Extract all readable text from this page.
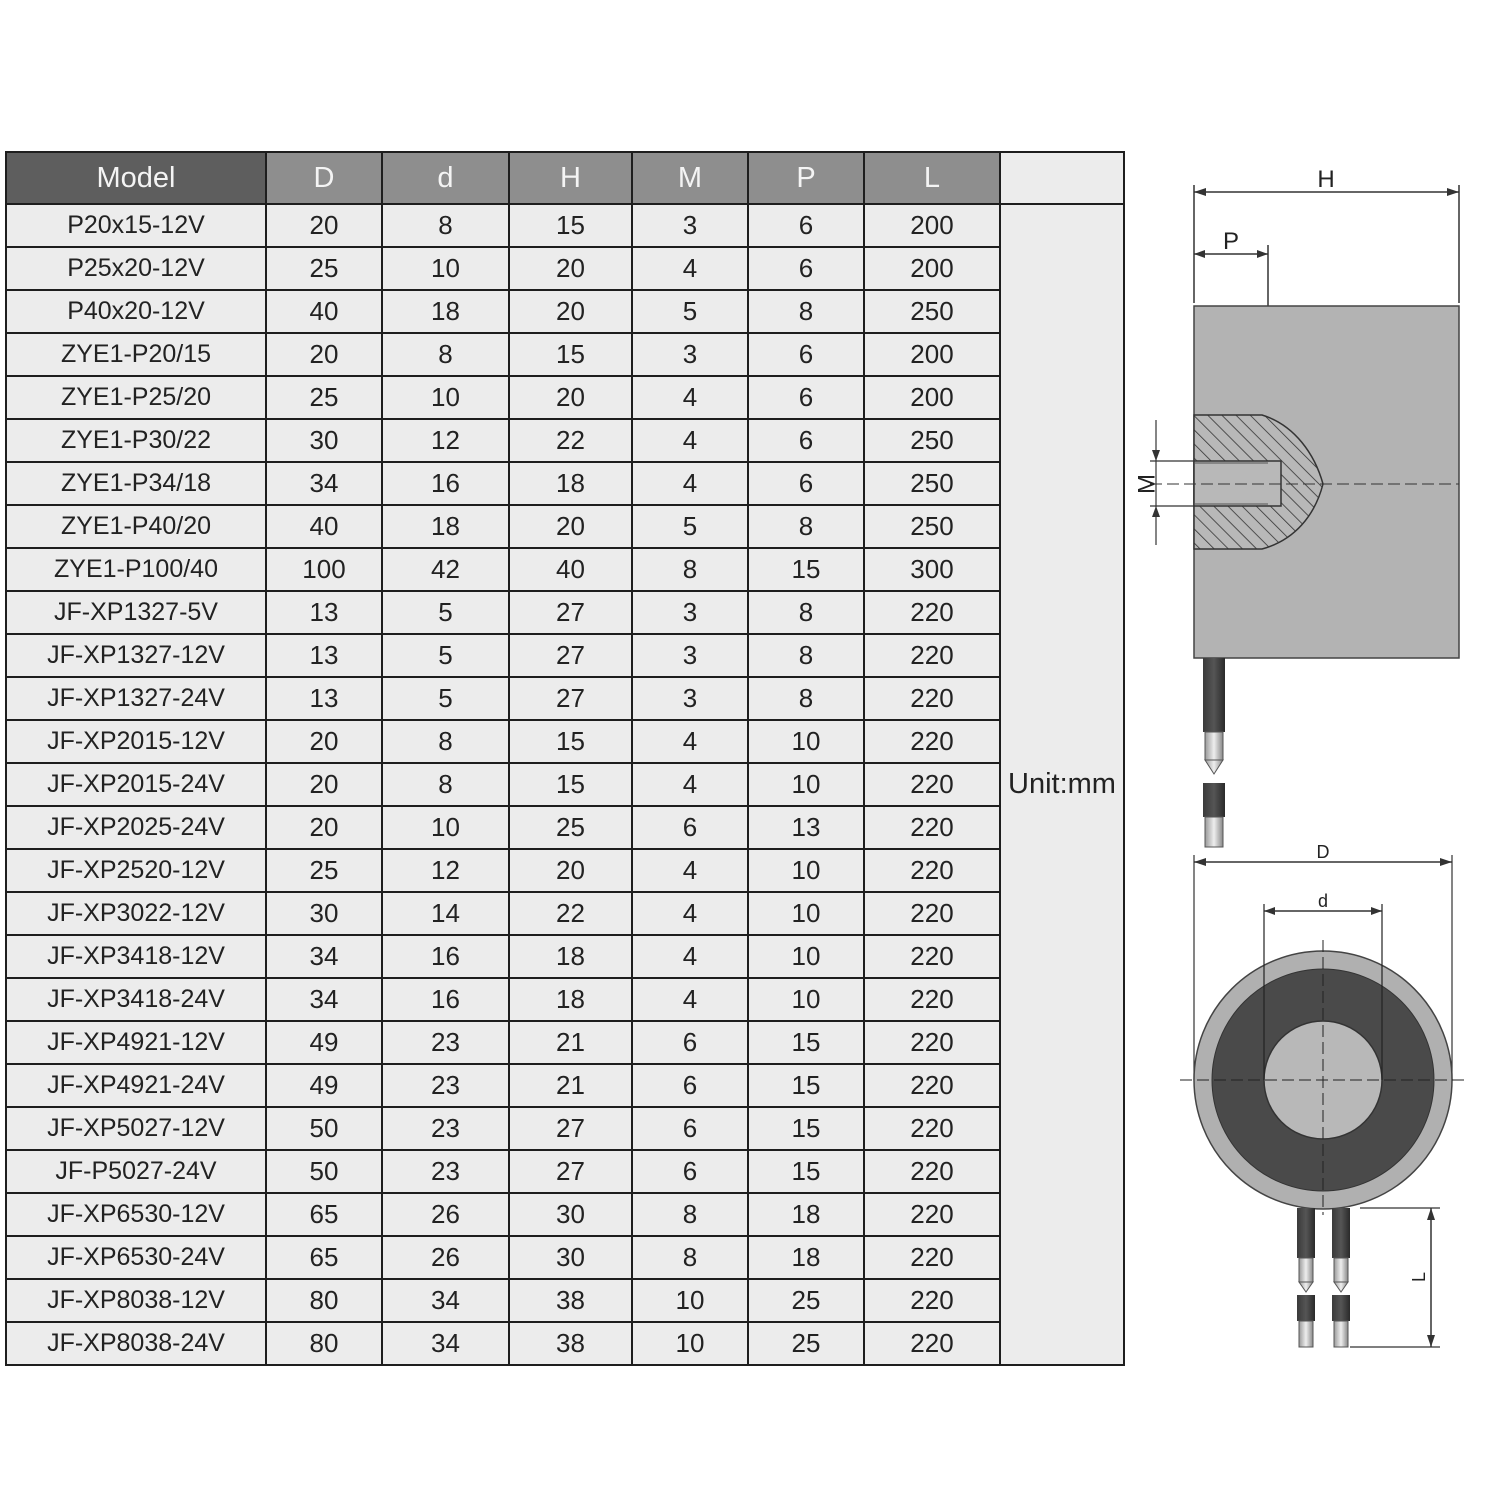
Model	D	d	H	M	P	L	
P20x15-12V	20	8	15	3	6	200	Unit:mm
P25x20-12V	25	10	20	4	6	200	
P40x20-12V	40	18	20	5	8	250	
ZYE1-P20/15	20	8	15	3	6	200	
ZYE1-P25/20	25	10	20	4	6	200	
ZYE1-P30/22	30	12	22	4	6	250	
ZYE1-P34/18	34	16	18	4	6	250	
ZYE1-P40/20	40	18	20	5	8	250	
ZYE1-P100/40	100	42	40	8	15	300	
JF-XP1327-5V	13	5	27	3	8	220	
JF-XP1327-12V	13	5	27	3	8	220	
JF-XP1327-24V	13	5	27	3	8	220	
JF-XP2015-12V	20	8	15	4	10	220	
JF-XP2015-24V	20	8	15	4	10	220	
JF-XP2025-24V	20	10	25	6	13	220	
JF-XP2520-12V	25	12	20	4	10	220	
JF-XP3022-12V	30	14	22	4	10	220	
JF-XP3418-12V	34	16	18	4	10	220	
JF-XP3418-24V	34	16	18	4	10	220	
JF-XP4921-12V	49	23	21	6	15	220	
JF-XP4921-24V	49	23	21	6	15	220	
JF-XP5027-12V	50	23	27	6	15	220	
JF-P5027-24V	50	23	27	6	15	220	
JF-XP6530-12V	65	26	30	8	18	220	
JF-XP6530-24V	65	26	30	8	18	220	
JF-XP8038-12V	80	34	38	10	25	220	
JF-XP8038-24V	80	34	38	10	25	220	
H
P
M
D
d
L
